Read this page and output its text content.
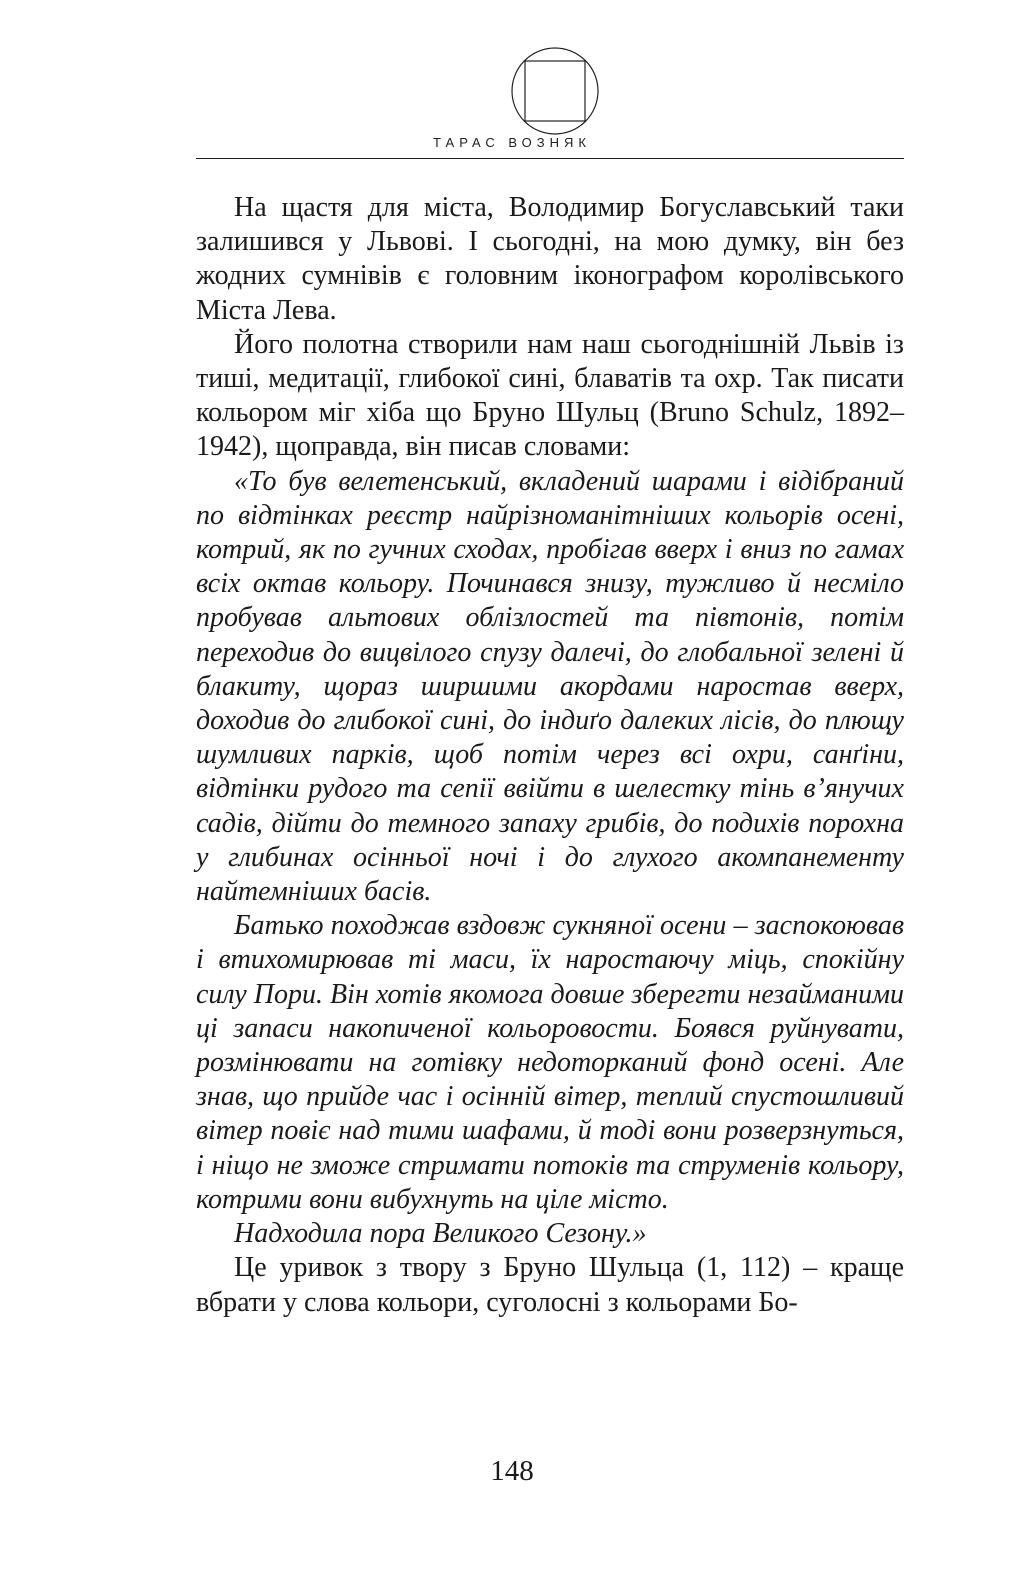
ТАРАС ВОЗНЯК

На щастя для міста, Володимир Богуславський таки залишився у Львові. І сьогодні, на мою думку, він без жодних сумнівів є головним іконографом королівського Міста Лева.

Його полотна створили нам наш сьогоднішній Львів із тиші, медитації, глибокої сині, блаватів та охр. Так писати кольором міг хіба що Бруно Шульц (Bruno Schulz, 1892–1942), щоправда, він писав словами:

«То був велетенський, вкладений шарами і відібраний по відтінках реєстр найрізноманітніших кольорів осені, котрий, як по гучних сходах, пробігав вверх і вниз по гамах всіх октав кольору. Починався знизу, тужливо й несміло пробував альтових облізлостей та півтонів, потім переходив до вицвілого спузу далечі, до глобальної зелені й блакиту, щораз ширшими акордами наростав вверх, доходив до глибокої сині, до індиґо далеких лісів, до плющу шумливих парків, щоб потім через всі охри, санґіни, відтінки рудого та сепії ввійти в шелестку тінь в’янучих садів, дійти до темного запаху грибів, до подихів порохна у глибинах осінньої ночі і до глухого акомпанементу найтемніших басів.

Батько походжав вздовж сукняної осени – заспокоював і втихомирював ті маси, їх наростаючу міць, спокійну силу Пори. Він хотів якомога довше зберегти незайманими ці запаси накопиченої кольоровости. Боявся руйнувати, розмінювати на готівку недоторканий фонд осені. Але знав, що прийде час і осінній вітер, теплий спустошливий вітер повіє над тими шафами, й тоді вони розверзнуться, і ніщо не зможе стримати потоків та струменів кольору, котрими вони вибухнуть на ціле місто.

Надходила пора Великого Сезону.»

Це уривок з твору з Бруно Шульца (1, 112) – краще вбрати у слова кольори, суголосні з кольорами Бо-

148
